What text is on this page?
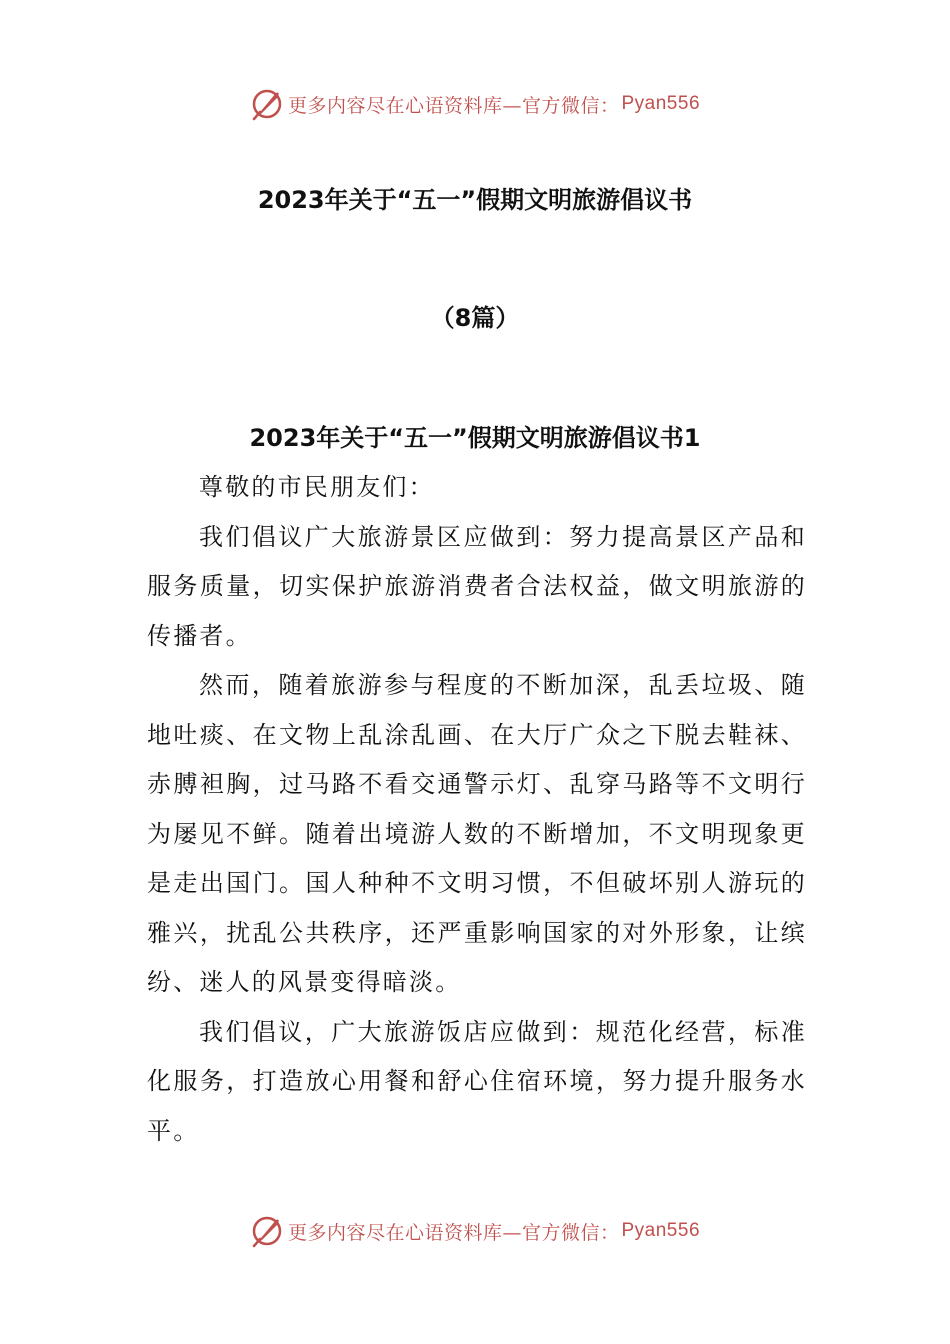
更多内容尽在心语资料库—官方微信： Pyan556
2023年关于“五一”假期文明旅游倡议书
（8篇）
2023年关于“五一”假期文明旅游倡议书1

尊敬的市民朋友们：

我们倡议广大旅游景区应做到：努力提高景区产品和服务质量，切实保护旅游消费者合法权益，做文明旅游的传播者。

然而，随着旅游参与程度的不断加深，乱丢垃圾、随地吐痰、在文物上乱涂乱画、在大厅广众之下脱去鞋袜、赤膊袒胸，过马路不看交通警示灯、乱穿马路等不文明行为屡见不鲜。随着出境游人数的不断增加，不文明现象更是走出国门。国人种种不文明习惯，不但破坏别人游玩的雅兴，扰乱公共秩序，还严重影响国家的对外形象，让缤纷、迷人的风景变得暗淡。

我们倡议，广大旅游饭店应做到：规范化经营，标准化服务，打造放心用餐和舒心住宿环境，努力提升服务水平。

更多内容尽在心语资料库—官方微信： Pyan556
